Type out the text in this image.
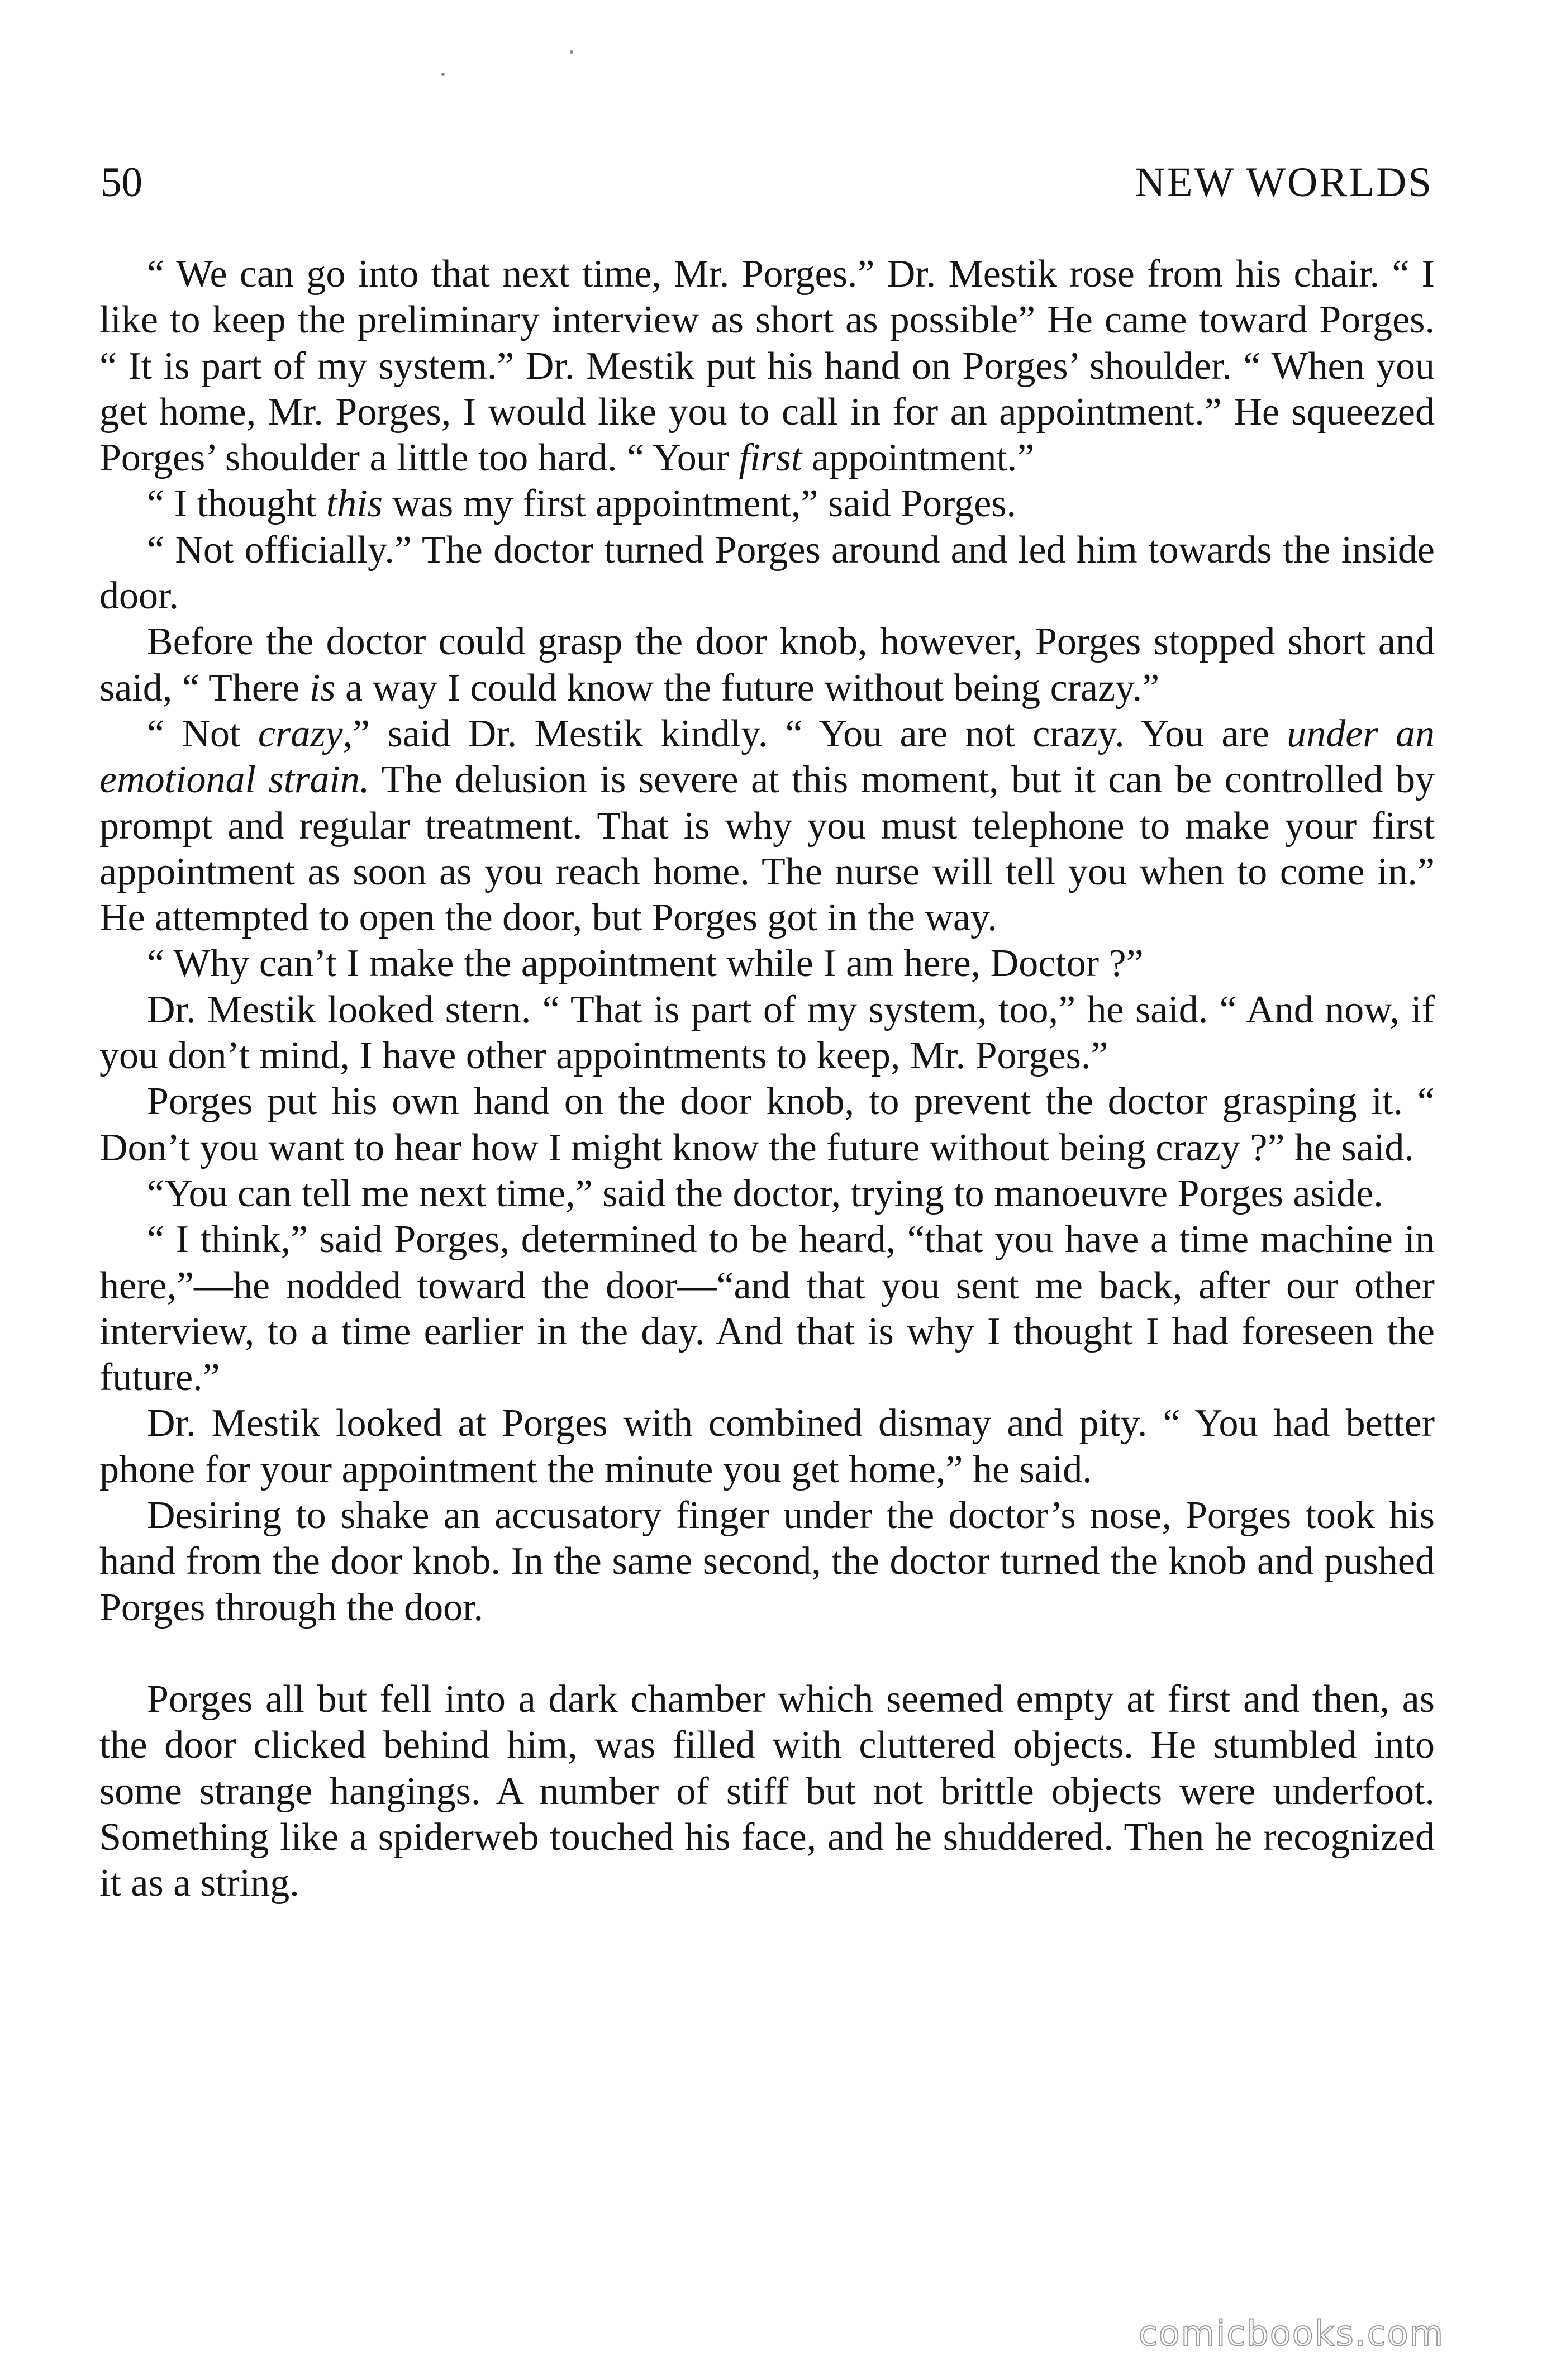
50	NEW WORLDS

“ We can go into that next time, Mr. Porges.” Dr. Mestik rose from his chair. “ I like to keep the preliminary interview as short as possible” He came toward Porges. “ It is part of my system.” Dr. Mestik put his hand on Porges’ shoulder. “ When you get home, Mr. Porges, I would like you to call in for an appointment.” He squeezed Porges’ shoulder a little too hard. “ Your first appointment.”

“ I thought this was my first appointment,” said Porges.

“ Not officially.” The doctor turned Porges around and led him towards the inside door.

Before the doctor could grasp the door knob, however, Porges stopped short and said, “ There is a way I could know the future without being crazy.”

“ Not crazy,” said Dr. Mestik kindly. “ You are not crazy. You are under an emotional strain. The delusion is severe at this moment, but it can be controlled by prompt and regular treatment. That is why you must telephone to make your first appointment as soon as you reach home. The nurse will tell you when to come in.” He attempted to open the door, but Porges got in the way.

“ Why can’t I make the appointment while I am here, Doctor ?”

Dr. Mestik looked stern. “ That is part of my system, too,” he said. “ And now, if you don’t mind, I have other appointments to keep, Mr. Porges.”

Porges put his own hand on the door knob, to prevent the doctor grasping it. “ Don’t you want to hear how I might know the future without being crazy ?” he said.

“You can tell me next time,” said the doctor, trying to manoeuvre Porges aside.

“ I think,” said Porges, determined to be heard, “that you have a time machine in here,”—he nodded toward the door—“and that you sent me back, after our other interview, to a time earlier in the day. And that is why I thought I had foreseen the future.”

Dr. Mestik looked at Porges with combined dismay and pity. “ You had better phone for your appointment the minute you get home,” he said.

Desiring to shake an accusatory finger under the doctor’s nose, Porges took his hand from the door knob. In the same second, the doctor turned the knob and pushed Porges through the door.

Porges all but fell into a dark chamber which seemed empty at first and then, as the door clicked behind him, was filled with cluttered objects. He stumbled into some strange hangings. A number of stiff but not brittle objects were underfoot. Something like a spiderweb touched his face, and he shuddered. Then he recognized it as a string.

comicbooks.com
